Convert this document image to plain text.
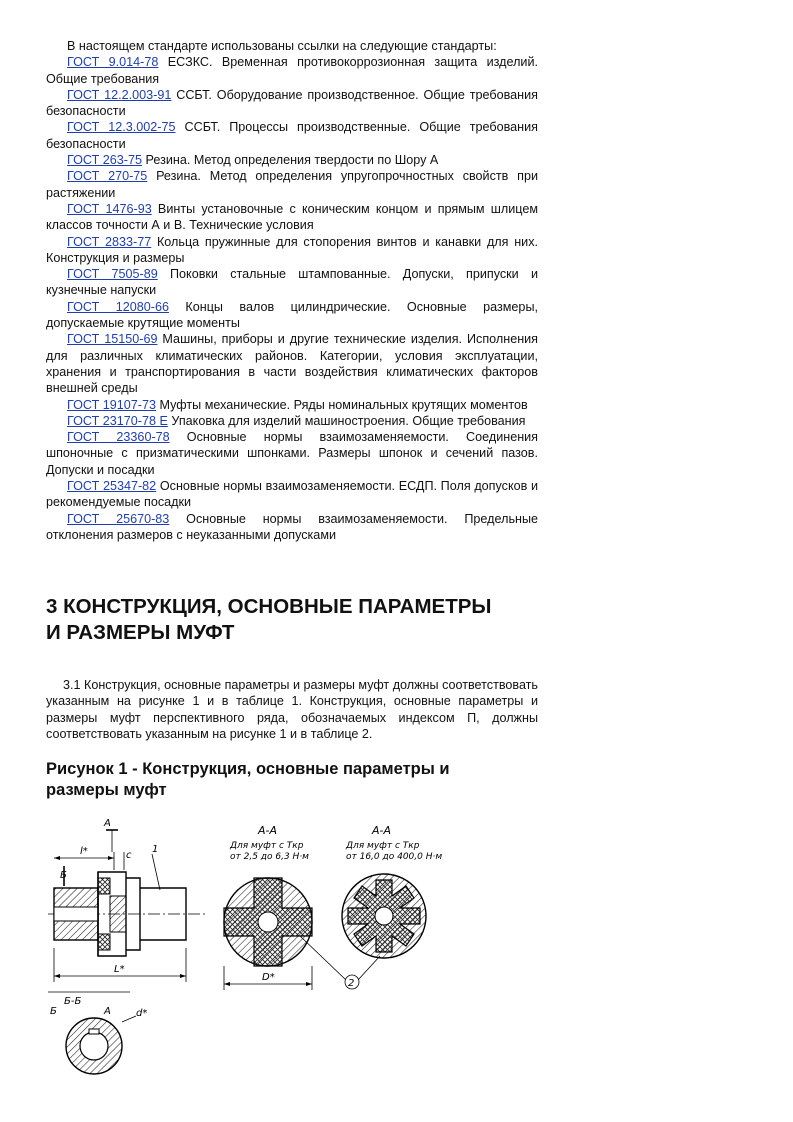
В настоящем стандарте использованы ссылки на следующие стандарты:

ГОСТ 9.014-78 ЕСЗКС. Временная противокоррозионная защита изделий. Общие требования

ГОСТ 12.2.003-91 ССБТ. Оборудование производственное. Общие требования безопасности

ГОСТ 12.3.002-75 ССБТ. Процессы производственные. Общие требования безопасности

ГОСТ 263-75 Резина. Метод определения твердости по Шору А

ГОСТ 270-75 Резина. Метод определения упругопрочностных свойств при растяжении

ГОСТ 1476-93 Винты установочные с коническим концом и прямым шлицем классов точности А и В. Технические условия

ГОСТ 2833-77 Кольца пружинные для стопорения винтов и канавки для них. Конструкция и размеры

ГОСТ 7505-89 Поковки стальные штампованные. Допуски, припуски и кузнечные напуски

ГОСТ 12080-66 Концы валов цилиндрические. Основные размеры, допускаемые крутящие моменты

ГОСТ 15150-69 Машины, приборы и другие технические изделия. Исполнения для различных климатических районов. Категории, условия эксплуатации, хранения и транспортирования в части воздействия климатических факторов внешней среды

ГОСТ 19107-73 Муфты механические. Ряды номинальных крутящих моментов

ГОСТ 23170-78 Е Упаковка для изделий машиностроения. Общие требования

ГОСТ 23360-78 Основные нормы взаимозаменяемости. Соединения шпоночные с призматическими шпонками. Размеры шпонок и сечений пазов. Допуски и посадки

ГОСТ 25347-82 Основные нормы взаимозаменяемости. ЕСДП. Поля допусков и рекомендуемые посадки

ГОСТ 25670-83 Основные нормы взаимозаменяемости. Предельные отклонения размеров с неуказанными допусками

3 КОНСТРУКЦИЯ, ОСНОВНЫЕ ПАРАМЕТРЫ
И РАЗМЕРЫ МУФТ

3.1 Конструкция, основные параметры и размеры муфт должны соответствовать указанным на рисунке 1 и в таблице 1. Конструкция, основные параметры и размеры муфт перспективного ряда, обозначаемых индексом П, должны соответствовать указанным на рисунке 1 и в таблице 2.

Рисунок 1 - Конструкция, основные параметры и
размеры муфт
l*	c
А
1
Б
L*
Б-Б
Б	А	d*
А-А
Для муфт с Tкр
от 2,5 до 6,3 Н·м
D*
А-А
Для муфт с Tкр
от 16,0 до 400,0 Н·м
2
